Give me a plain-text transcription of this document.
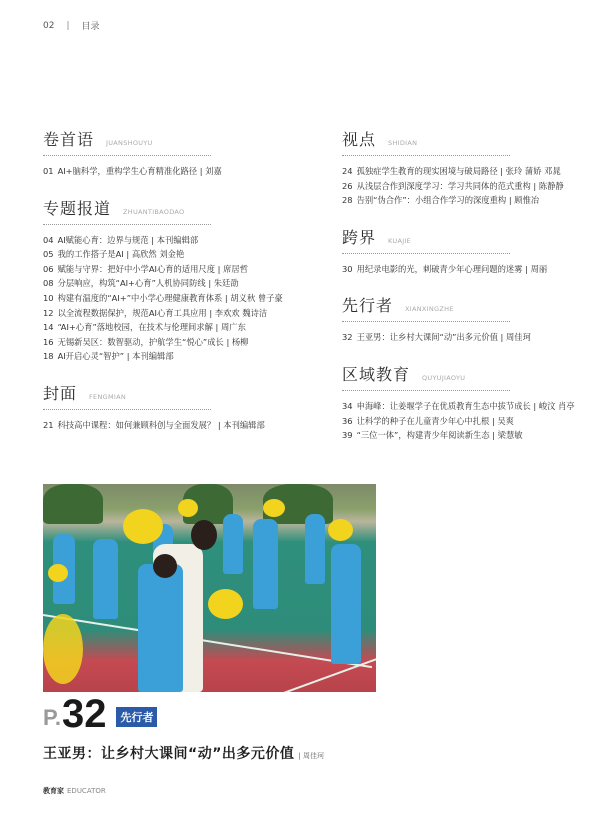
02 | 目录
卷首语 JUANSHOUYU
01 AI+脑科学，重构学生心育精准化路径 | 刘嘉
专题报道 ZHUANTIBAODAO
04 AI赋能心育：边界与规范 | 本刊编辑部
05 我的工作搭子是AI | 高欣然 刘金艳
06 赋能与守界：把好中小学AI心育的适用尺度 | 席居哲
08 分层响应，构筑“AI+心育”人机协同防线 | 朱廷劭
10 构建有温度的“AI+”中小学心理健康教育体系 | 胡义秋 曾子豪
12 以全流程数据保护，规范AI心育工具应用 | 李欢欢 魏诗洁
14 “AI+心育”落地校园，在技术与伦理间求解 | 周广东
16 无锡新吴区：数智驱动，护航学生“悦心”成长 | 杨柳
18 AI开启心灵“智护” | 本刊编辑部
封面 FENGMIAN
21 科技高中课程：如何兼顾科创与全面发展？ | 本刊编辑部
视点 SHIDIAN
24 孤独症学生教育的现实困境与破局路径 | 张玲 蒲娇 邓晁
26 从浅层合作到深度学习：学习共同体的范式重构 | 陈静静
28 告别“伪合作”：小组合作学习的深度重构 | 顾惟冶
跨界 KUAJIE
30 用纪录电影的光，刺破青少年心理问题的迷雾 | 周丽
先行者 XIANXINGZHE
32 王亚男：让乡村大课间“动”出多元价值 | 周佳珂
区域教育 QUYUJIAOYU
34 申海峰：让姜堰学子在优质教育生态中拔节成长 | 峻汶 肖亭
36 让科学的种子在儿童青少年心中扎根 | 吴爽
39 “三位一体”，构建青少年阅读新生态 | 梁慧敏
P. 32	先行者
王亚男：让乡村大课间“动”出多元价值 | 周佳珂
教育家 EDUCATOR
